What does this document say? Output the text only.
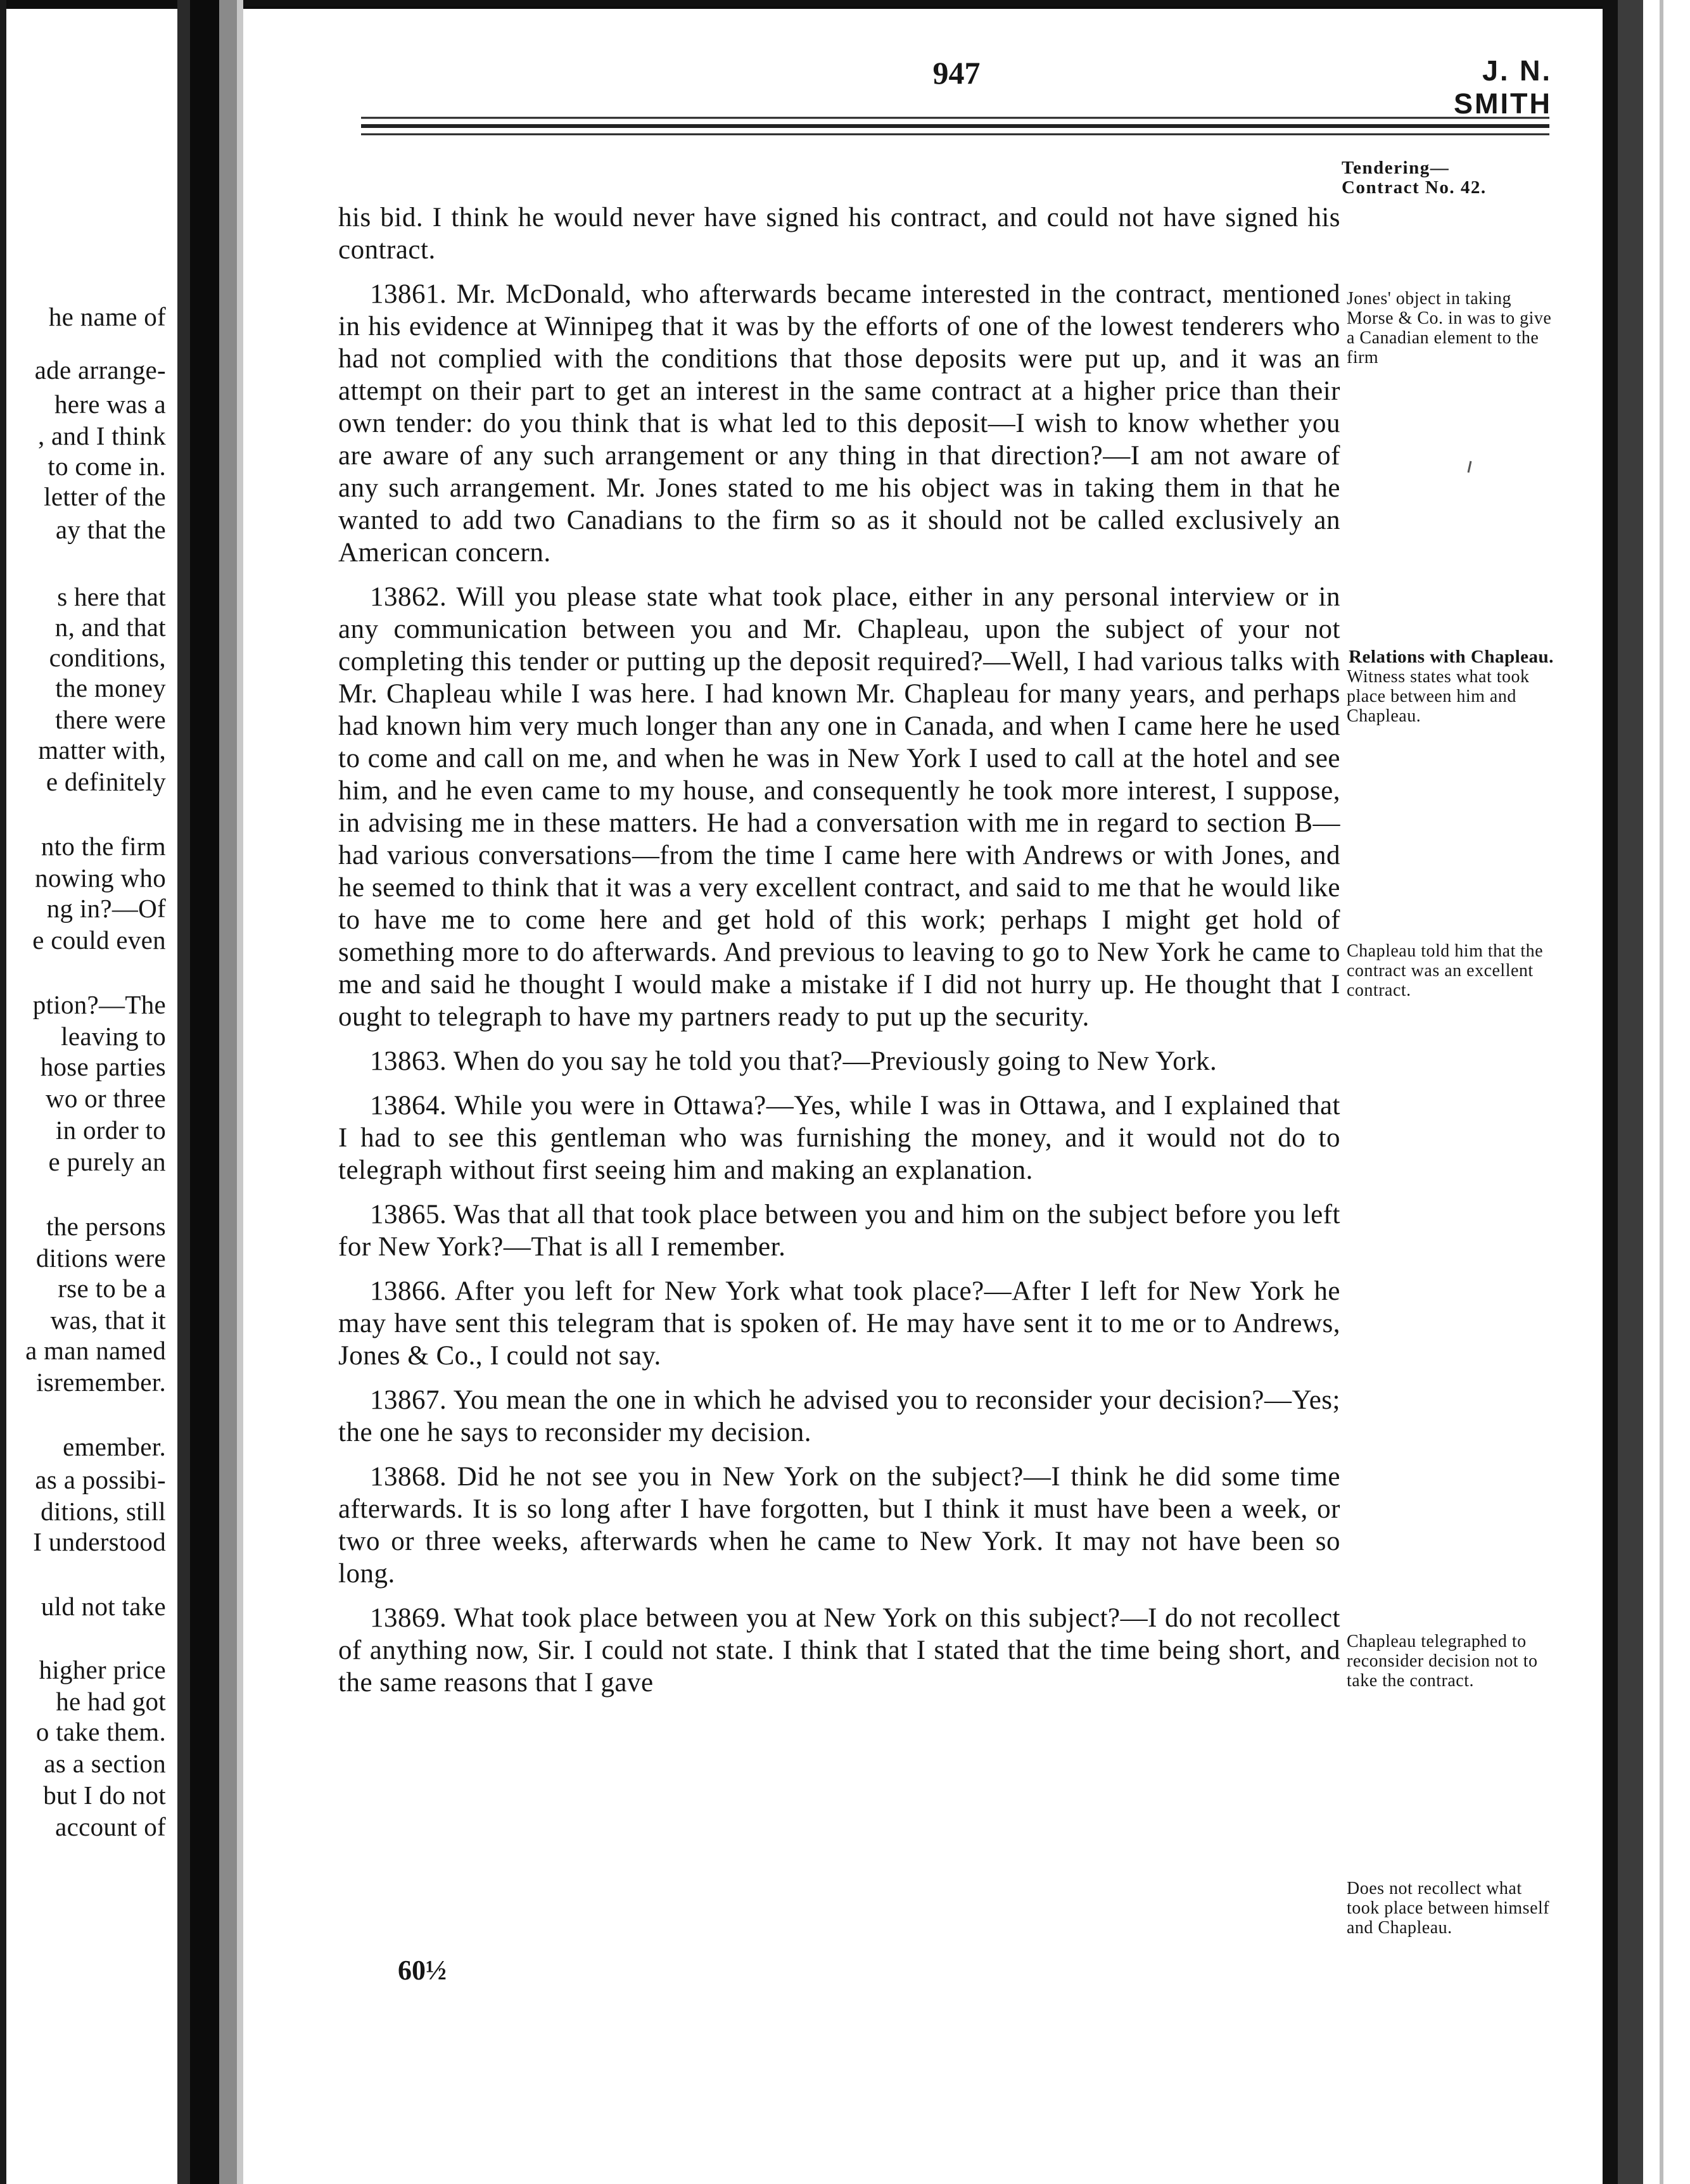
he name of
ade arrange-
here was a
, and I think
to come in.
letter of the
ay that the
s here that
n, and that
conditions,
the money
there were
matter with,
e definitely
nto the firm
nowing who
ng in?—Of
e could even
ption?—The
leaving to
hose parties
wo or three
in order to
e purely an
the persons
ditions were
rse to be a
was, that it
a man named
isremember.
emember.
as a possibi-
ditions, still
I understood
uld not take
higher price
he had got
o take them.
as a section
but I do not
account of
947	J. N. SMITH
Tendering—
Contract No. 42.

his bid. I think he would never have signed his contract, and could not have signed his contract.

13861. Mr. McDonald, who afterwards became interested in the contract, mentioned in his evidence at Winnipeg that it was by the efforts of one of the lowest tenderers who had not complied with the conditions that those deposits were put up, and it was an attempt on their part to get an interest in the same contract at a higher price than their own tender: do you think that is what led to this deposit—I wish to know whether you are aware of any such arrangement or any thing in that direction?—I am not aware of any such arrangement. Mr. Jones stated to me his object was in taking them in that he wanted to add two Canadians to the firm so as it should not be called exclusively an American concern.

13862. Will you please state what took place, either in any personal interview or in any communication between you and Mr. Chapleau, upon the subject of your not completing this tender or putting up the deposit required?—Well, I had various talks with Mr. Chapleau while I was here. I had known Mr. Chapleau for many years, and perhaps had known him very much longer than any one in Canada, and when I came here he used to come and call on me, and when he was in New York I used to call at the hotel and see him, and he even came to my house, and consequently he took more interest, I suppose, in advising me in these matters. He had a conversation with me in regard to section B—had various conversations—from the time I came here with Andrews or with Jones, and he seemed to think that it was a very excellent contract, and said to me that he would like to have me to come here and get hold of this work; perhaps I might get hold of something more to do afterwards. And previous to leaving to go to New York he came to me and said he thought I would make a mistake if I did not hurry up. He thought that I ought to telegraph to have my partners ready to put up the security.

13863. When do you say he told you that?—Previously going to New York.

13864. While you were in Ottawa?—Yes, while I was in Ottawa, and I explained that I had to see this gentleman who was furnishing the money, and it would not do to telegraph without first seeing him and making an explanation.

13865. Was that all that took place between you and him on the subject before you left for New York?—That is all I remember.

13866. After you left for New York what took place?—After I left for New York he may have sent this telegram that is spoken of. He may have sent it to me or to Andrews, Jones & Co., I could not say.

13867. You mean the one in which he advised you to reconsider your decision?—Yes; the one he says to reconsider my decision.

13868. Did he not see you in New York on the subject?—I think he did some time afterwards. It is so long after I have forgotten, but I think it must have been a week, or two or three weeks, afterwards when he came to New York. It may not have been so long.

13869. What took place between you at New York on this subject?—I do not recollect of anything now, Sir. I could not state. I think that I stated that the time being short, and the same reasons that I gave

Jones' object in taking Morse & Co. in was to give a Canadian element to the firm
Relations with Chapleau.
Witness states what took place between him and Chapleau.
Chapleau told him that the contract was an excellent contract.
Chapleau telegraphed to reconsider decision not to take the contract.
Does not recollect what took place between himself and Chapleau.
60½
